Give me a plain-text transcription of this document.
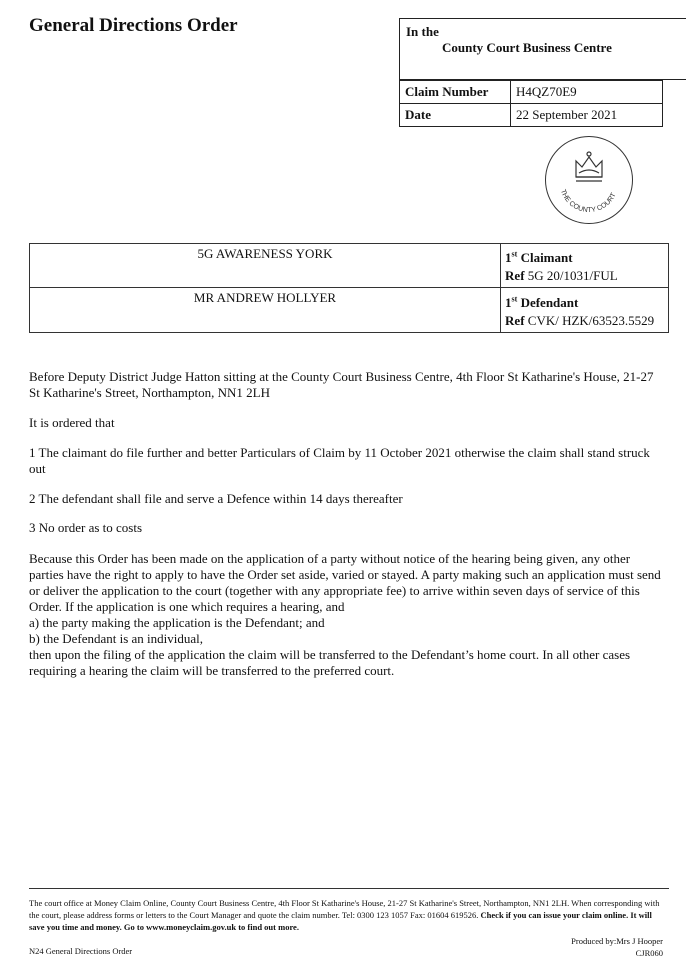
General Directions Order	In the
County Court Business Centre
Claim Number	H4QZ70E9
Date	22 September 2021
THE COUNTY COURT
5G AWARENESS YORK	1st Claimant
Ref 5G 20/1031/FUL
MR ANDREW HOLLYER	1st Defendant
Ref CVK/ HZK/63523.5529
Before Deputy District Judge Hatton sitting at the County Court Business Centre, 4th Floor St Katharine's House, 21-27 St Katharine's Street, Northampton, NN1 2LH
It is ordered that
1 The claimant do file further and better Particulars of Claim by 11 October 2021 otherwise the claim shall stand struck out
2 The defendant shall file and serve a Defence within 14 days thereafter
3 No order as to costs
Because this Order has been made on the application of a party without notice of the hearing being given, any other parties have the right to apply to have the Order set aside, varied or stayed. A party making such an application must send or deliver the application to the court (together with any appropriate fee) to arrive within seven days of service of this Order. If the application is one which requires a hearing, and
a) the party making the application is the Defendant; and
b) the Defendant is an individual,
then upon the filing of the application the claim will be transferred to the Defendant’s home court. In all other cases requiring a hearing the claim will be transferred to the preferred court.
The court office at Money Claim Online, County Court Business Centre, 4th Floor St Katharine's House, 21-27 St Katharine's Street, Northampton, NN1 2LH. When corresponding with the court, please address forms or letters to the Court Manager and quote the claim number. Tel: 0300 123 1057 Fax: 01604 619526. Check if you can issue your claim online. It will save you time and money. Go to www.moneyclaim.gov.uk to find out more.
N24 General Directions Order
Produced by:Mrs J Hooper
CJR060
